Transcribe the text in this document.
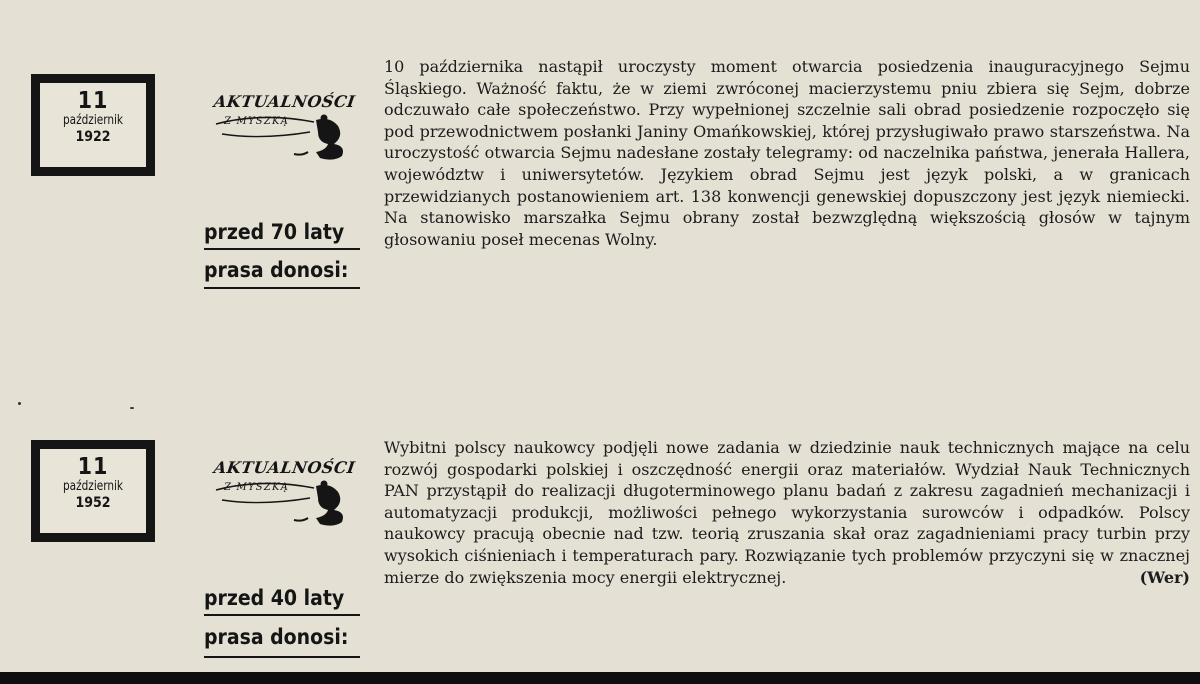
11
październik
1922
AKTUALNOŚCI
Z MYSZKĄ
przed 70 laty
prasa donosi:

10 października nastąpił uroczysty moment otwarcia posiedzenia inauguracyjnego Sejmu Śląskiego. Ważność faktu, że w ziemi zwróconej macierzystemu pniu zbiera się Sejm, dobrze odczuwało całe społeczeństwo. Przy wypełnionej szczelnie sali obrad posiedzenie rozpoczęło się pod przewodnictwem posłanki Janiny Omańkowskiej, której przysługiwało prawo starszeństwa. Na uroczystość otwarcia Sejmu nadesłane zostały telegramy: od naczelnika państwa, jenerała Hallera, województw i uniwersytetów. Językiem obrad Sejmu jest język polski, a w granicach przewidzianych postanowieniem art. 138 konwencji genewskiej dopuszczony jest język niemiecki. Na stanowisko marszałka Sejmu obrany został bezwzględną większością głosów w tajnym głosowaniu poseł mecenas Wolny.

11
październik
1952
AKTUALNOŚCI
Z MYSZKĄ
przed 40 laty
prasa donosi:

Wybitni polscy naukowcy podjęli nowe zadania w dziedzinie nauk technicznych mające na celu rozwój gospodarki polskiej i oszczędność energii oraz materiałów. Wydział Nauk Technicznych PAN przystąpił do realizacji długoterminowego planu badań z zakresu zagadnień mechanizacji i automatyzacji produkcji, możliwości pełnego wykorzystania surowców i odpadków. Polscy naukowcy pracują obecnie nad tzw. teorią zruszania skał oraz zagadnieniami pracy turbin przy wysokich ciśnieniach i temperaturach pary. Rozwiązanie tych problemów przyczyni się w znacznej mierze do zwiększenia mocy energii elektrycznej.	(Wer)
